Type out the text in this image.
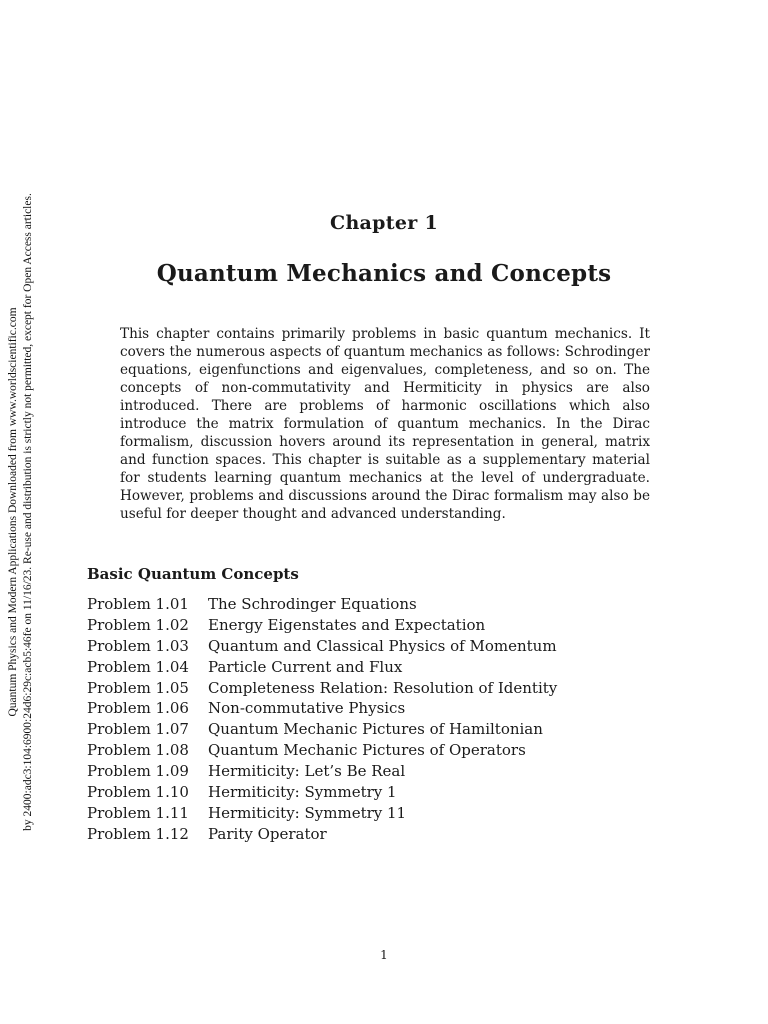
Quantum Physics and Modern Applications Downloaded from www.worldscientific.com by 2400:adc3:104:6900:24d6:29c:acb5:46fe on 11/16/23. Re-use and distribution is strictly not permitted, except for Open Access articles.	Chapter 1
Quantum Mechanics and Concepts

This chapter contains primarily problems in basic quantum mechanics. It covers the numerous aspects of quantum mechanics as follows: Schrodinger equations, eigenfunctions and eigenvalues, completeness, and so on. The concepts of non-commutativity and Hermiticity in physics are also introduced. There are problems of harmonic oscillations which also introduce the matrix formulation of quantum mechanics. In the Dirac formalism, discussion hovers around its representation in general, matrix and function spaces. This chapter is suitable as a supplementary material for students learning quantum mechanics at the level of undergraduate. However, problems and discussions around the Dirac formalism may also be useful for deeper thought and advanced understanding.

Basic Quantum Concepts
Problem 1.01	The Schrodinger Equations
Problem 1.02	Energy Eigenstates and Expectation
Problem 1.03	Quantum and Classical Physics of Momentum
Problem 1.04	Particle Current and Flux
Problem 1.05	Completeness Relation: Resolution of Identity
Problem 1.06	Non-commutative Physics
Problem 1.07	Quantum Mechanic Pictures of Hamiltonian
Problem 1.08	Quantum Mechanic Pictures of Operators
Problem 1.09	Hermiticity: Let’s Be Real
Problem 1.10	Hermiticity: Symmetry 1
Problem 1.11	Hermiticity: Symmetry 11
Problem 1.12	Parity Operator
1
